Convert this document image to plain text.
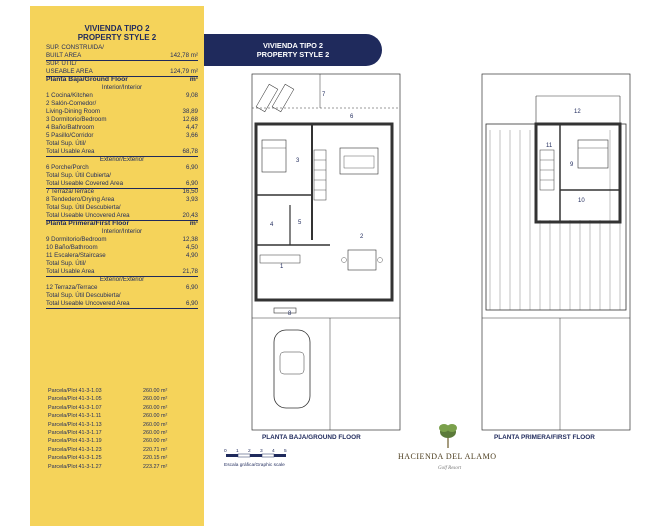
VIVIENDA TIPO 2
PROPERTY STYLE 2
SUP. CONSTRUIDA/
BUILT AREA	142,78 m²
SUP. UTIL/
USEABLE AREA	124,79 m²
Planta Baja/Ground Floor	m²
Interior/Interior
1 Cocina/Kitchen	9,08
2 Salón-Comedor/
Living-Dining Room	38,89
3 Dormitorio/Bedroom	12,68
4 Baño/Bathroom	4,47
5 Pasillo/Corridor	3,66
Total Sup. Útil/
Total Usable Area	68,78
Exterior/Exterior
6 Porche/Porch	6,90
Total Sup. Útil Cubierta/
Total Useable Covered Area	6,90
7 Terraza/Terrace	16,50
8 Tendedero/Drying Area	3,93
Total Sup. Útil Descubierta/
Total Useable Uncovered Area	20,43
Planta Primera/First Floor	m²
Interior/Interior
9 Dormitorio/Bedroom	12,38
10 Baño/Bathroom	4,50
11 Escalera/Staircase	4,90
Total Sup. Útil/
Total Usable Area	21,78
Exterior/Exterior
12 Terraza/Terrace	6,90
Total Sup. Útil Descubierta/
Total Useable Uncovered Area	6,90
Parcela/Plot 41-3-1.03	260.00 m²
Parcela/Plot 41-3-1.05	260.00 m²
Parcela/Plot 41-3-1.07	260.00 m²
Parcela/Plot 41-3-1.11	260.00 m²
Parcela/Plot 41-3-1.13	260.00 m²
Parcela/Plot 41-3-1.17	260.00 m²
Parcela/Plot 41-3-1.19	260.00 m²
Parcela/Plot 41-3-1.23	220.71 m²
Parcela/Plot 41-3-1.25	220.15 m²
Parcela/Plot 41-3-1.27	223.27 m²
VIVIENDA TIPO 2
PROPERTY STYLE 2
3
2
1
4	5
6
7
8
9
10
11
12
0 1 2 3 4 5
Escala gráfica/Graphic scale
PLANTA BAJA/GROUND FLOOR	PLANTA PRIMERA/FIRST FLOOR
HACIENDA DEL ALAMO
Golf Resort
